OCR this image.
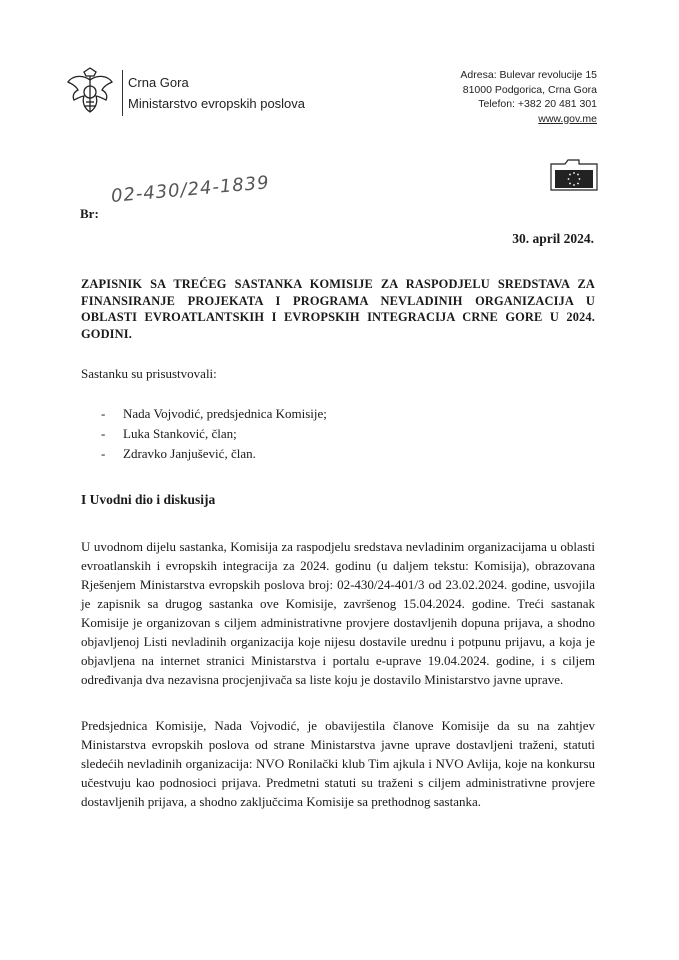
Crna Gora
Ministarstvo evropskih poslova
Adresa: Bulevar revolucije 15
81000 Podgorica, Crna Gora
Telefon: +382 20 481 301
www.gov.me
Br:
02-430/24-1839
30. april 2024.
ZAPISNIK SA TREĆEG SASTANKA KOMISIJE ZA RASPODJELU SREDSTAVA ZA FINANSIRANJE PROJEKATA I PROGRAMA NEVLADINIH ORGANIZACIJA U OBLASTI EVROATLANTSKIH I EVROPSKIH INTEGRACIJA CRNE GORE U 2024. GODINI.
Sastanku su prisustvovali:
- Nada Vojvodić, predsjednica Komisije;
- Luka Stanković, član;
- Zdravko Janjušević, član.
I Uvodni dio i diskusija
U uvodnom dijelu sastanka, Komisija za raspodjelu sredstava nevladinim organizacijama u oblasti evroatlanskih i evropskih integracija za 2024. godinu (u daljem tekstu: Komisija), obrazovana Rješenjem Ministarstva evropskih poslova broj: 02-430/24-401/3 od 23.02.2024. godine, usvojila je zapisnik sa drugog sastanka ove Komisije, završenog 15.04.2024. godine. Treći sastanak Komisije je organizovan s ciljem administrativne provjere dostavljenih dopuna prijava, a shodno objavljenoj Listi nevladinih organizacija koje nijesu dostavile urednu i potpunu prijavu, a koja je objavljena na internet stranici Ministarstva i portalu e-uprave 19.04.2024. godine, i s ciljem određivanja dva nezavisna procjenjivača sa liste koju je dostavilo Ministarstvo javne uprave.
Predsjednica Komisije, Nada Vojvodić, je obavijestila članove Komisije da su na zahtjev Ministarstva evropskih poslova od strane Ministarstva javne uprave dostavljeni traženi, statuti sledećih nevladinih organizacija: NVO Ronilački klub Tim ajkula i NVO Avlija, koje na konkursu učestvuju kao podnosioci prijava. Predmetni statuti su traženi s ciljem administrativne provjere dostavljenih prijava, a shodno zaključcima Komisije sa prethodnog sastanka.
